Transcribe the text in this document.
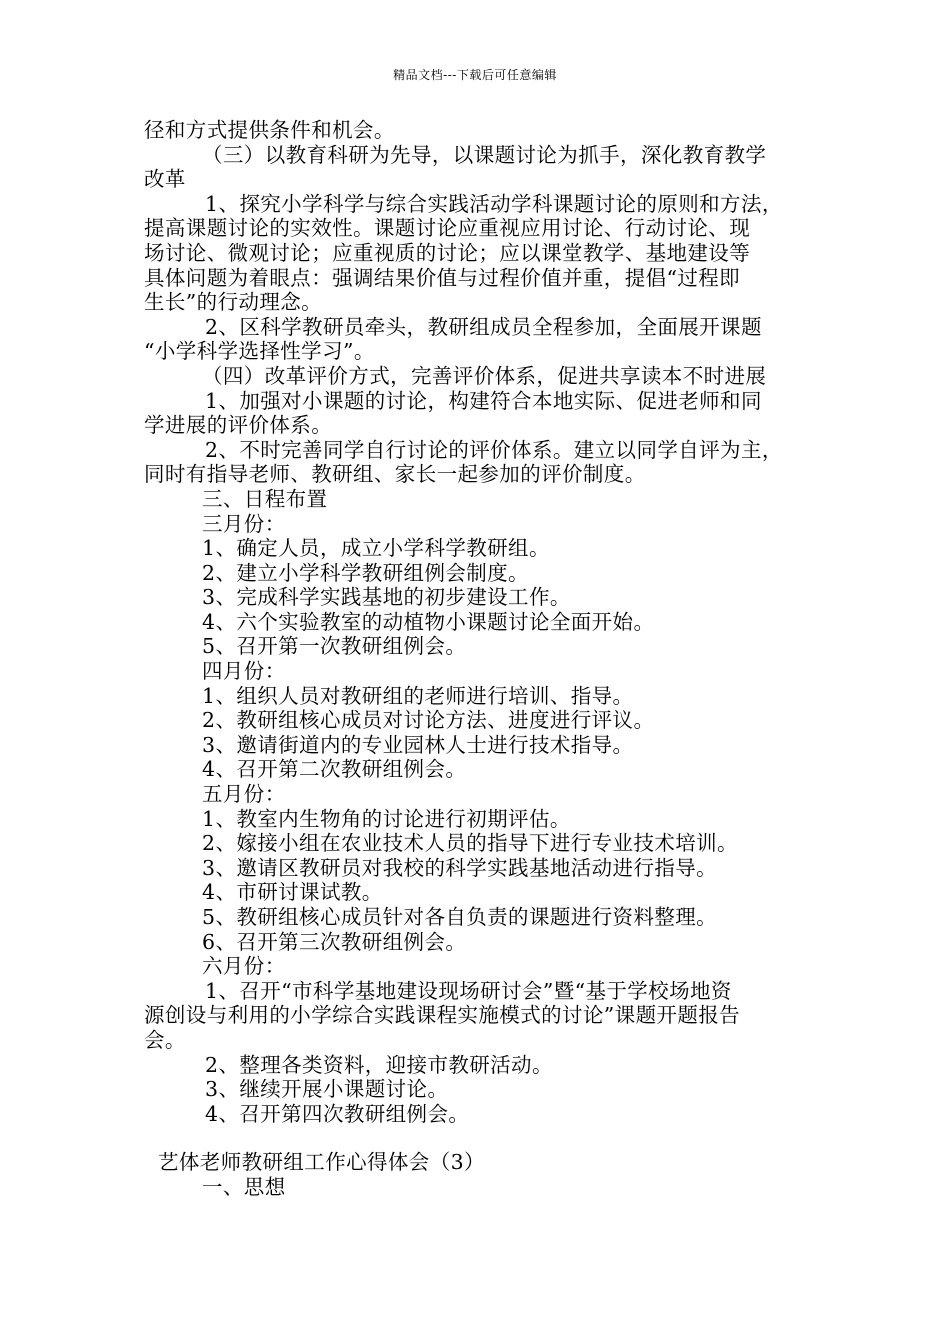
精品文档---下载后可任意编辑

径和方式提供条件和机会。

（三）以教育科研为先导，以课题讨论为抓手，深化教育教学

改革

1、探究小学科学与综合实践活动学科课题讨论的原则和方法，

提高课题讨论的实效性。课题讨论应重视应用讨论、行动讨论、现

场讨论、微观讨论；应重视质的讨论；应以课堂教学、基地建设等

具体问题为着眼点：强调结果价值与过程价值并重，提倡“过程即

生长”的行动理念。

2、区科学教研员牵头，教研组成员全程参加，全面展开课题

“小学科学选择性学习”。

（四）改革评价方式，完善评价体系，促进共享读本不时进展

1、加强对小课题的讨论，构建符合本地实际、促进老师和同

学进展的评价体系。

2、不时完善同学自行讨论的评价体系。建立以同学自评为主，

同时有指导老师、教研组、家长一起参加的评价制度。

三、日程布置

三月份：

1、确定人员，成立小学科学教研组。

2、建立小学科学教研组例会制度。

3、完成科学实践基地的初步建设工作。

4、六个实验教室的动植物小课题讨论全面开始。

5、召开第一次教研组例会。

四月份：

1、组织人员对教研组的老师进行培训、指导。

2、教研组核心成员对讨论方法、进度进行评议。

3、邀请街道内的专业园林人士进行技术指导。

4、召开第二次教研组例会。

五月份：

1、教室内生物角的讨论进行初期评估。

2、嫁接小组在农业技术人员的指导下进行专业技术培训。

3、邀请区教研员对我校的科学实践基地活动进行指导。

4、市研讨课试教。

5、教研组核心成员针对各自负责的课题进行资料整理。

6、召开第三次教研组例会。

六月份：

1、召开“市科学基地建设现场研讨会”暨“基于学校场地资

源创设与利用的小学综合实践课程实施模式的讨论”课题开题报告

会。

2、整理各类资料，迎接市教研活动。

3、继续开展小课题讨论。

4、召开第四次教研组例会。

艺体老师教研组工作心得体会（3）

一、思想
